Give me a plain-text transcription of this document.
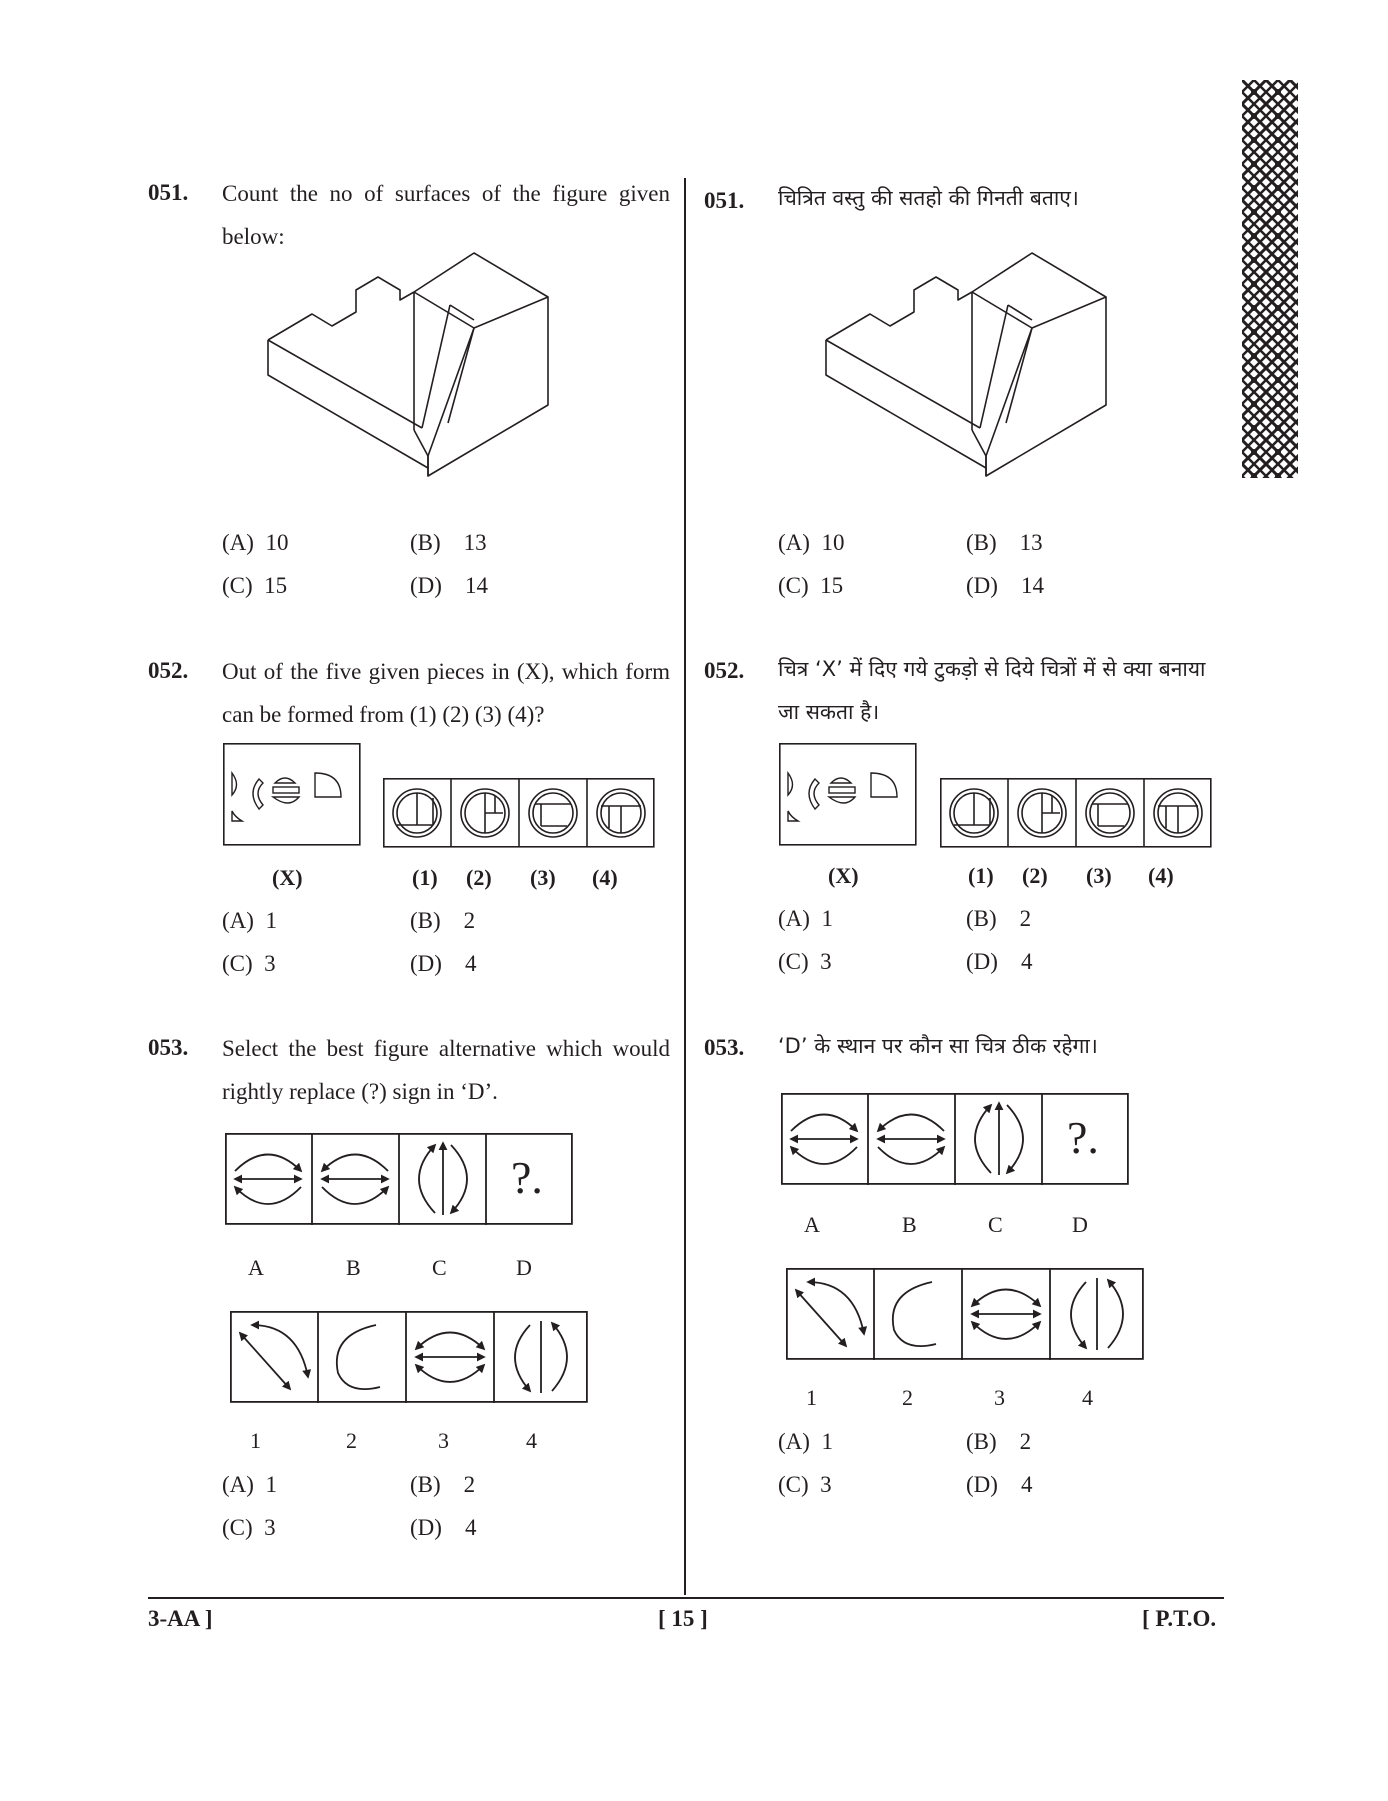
051. Count the no of surfaces of the figure given below:
(A) 10	(B) 13
(C) 15	(D) 14
052. Out of the five given pieces in (X), which form can be formed from (1) (2) (3) (4)?
(X)	(1) (2) (3) (4)
(A) 1	(B) 2
(C) 3	(D) 4
053. Select the best figure alternative which would rightly replace (?) sign in ‘D’.
?.
A	B	C	D
1	2	3	4
(A) 1	(B) 2
(C) 3	(D) 4
051. चित्रित वस्तु की सतहो की गिनती बताए।
(A) 10	(B) 13
(C) 15	(D) 14
052. चित्र ‘X’ में दिए गये टुकड़ो से दिये चित्रों में से क्या बनाया जा सकता है।
(X)	(1) (2) (3) (4)
(A) 1	(B) 2
(C) 3	(D) 4
053. ‘D’ के स्थान पर कौन सा चित्र ठीक रहेगा।
?.
A	B	C	D
1	2	3	4
(A) 1	(B) 2
(C) 3	(D) 4
3-AA ]	[ 15 ]	[ P.T.O.
